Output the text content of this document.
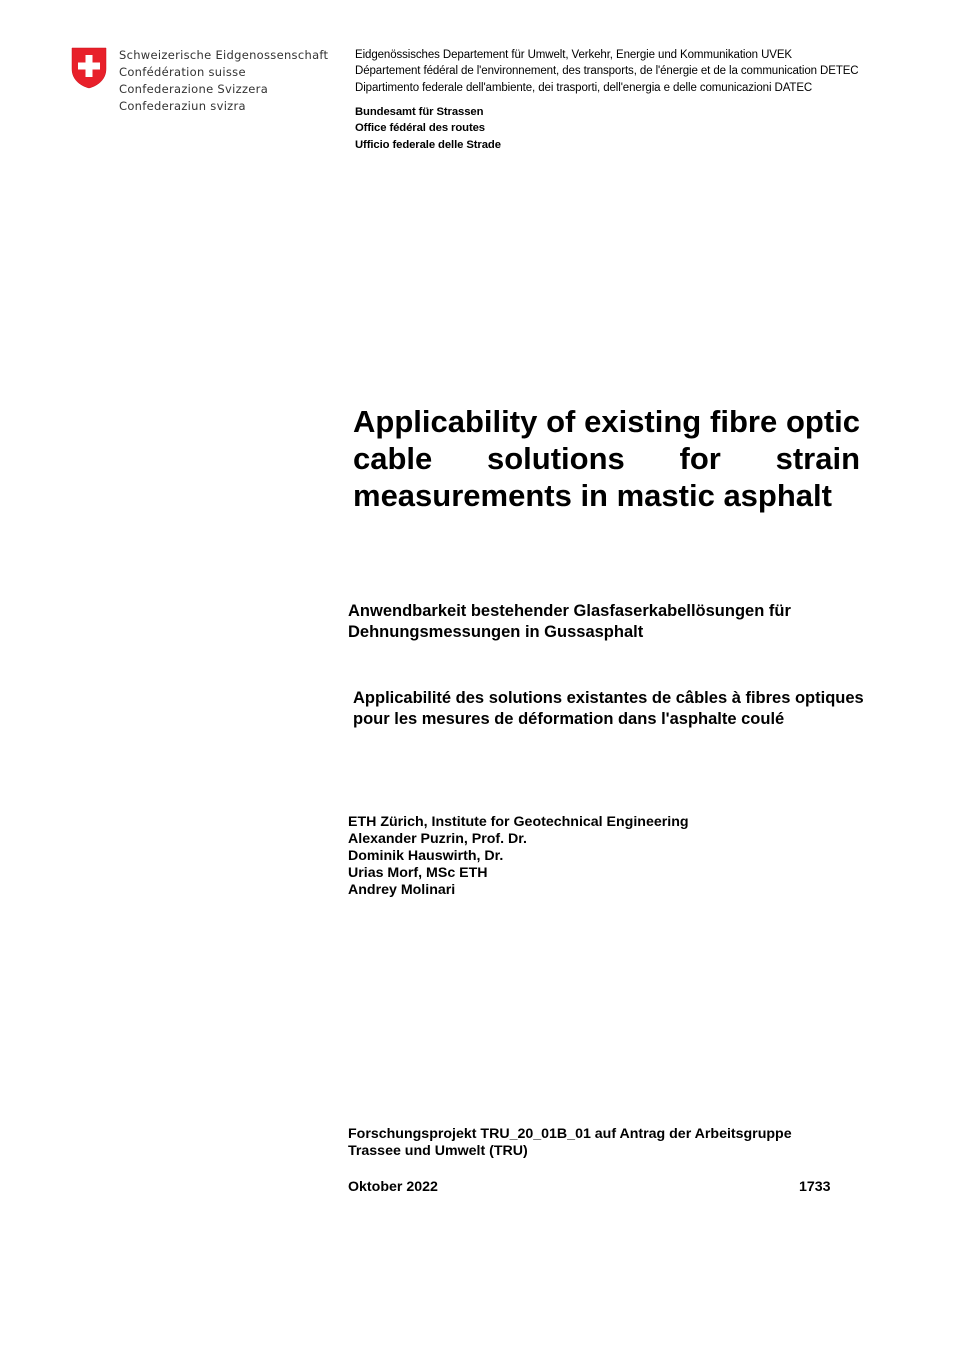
Schweizerische Eidgenossenschaft
Confédération suisse
Confederazione Svizzera
Confederaziun svizra
Eidgenössisches Departement für Umwelt, Verkehr, Energie und Kommunikation UVEK
Département fédéral de l'environnement, des transports, de l'énergie et de la communication DETEC
Dipartimento federale dell'ambiente, dei trasporti, dell'energia e delle comunicazioni DATEC
Bundesamt für Strassen
Office fédéral des routes
Ufficio federale delle Strade
Applicability of existing fibre optic cable solutions for strain measurements in mastic asphalt
Anwendbarkeit bestehender Glasfaserkabellösungen für Dehnungsmessungen in Gussasphalt
Applicabilité des solutions existantes de câbles à fibres optiques pour les mesures de déformation dans l'asphalte coulé
ETH Zürich, Institute for Geotechnical Engineering
Alexander Puzrin, Prof. Dr.
Dominik Hauswirth, Dr.
Urias Morf, MSc ETH
Andrey Molinari
Forschungsprojekt TRU_20_01B_01 auf Antrag der Arbeitsgruppe
Trassee und Umwelt (TRU)
Oktober 2022	1733
